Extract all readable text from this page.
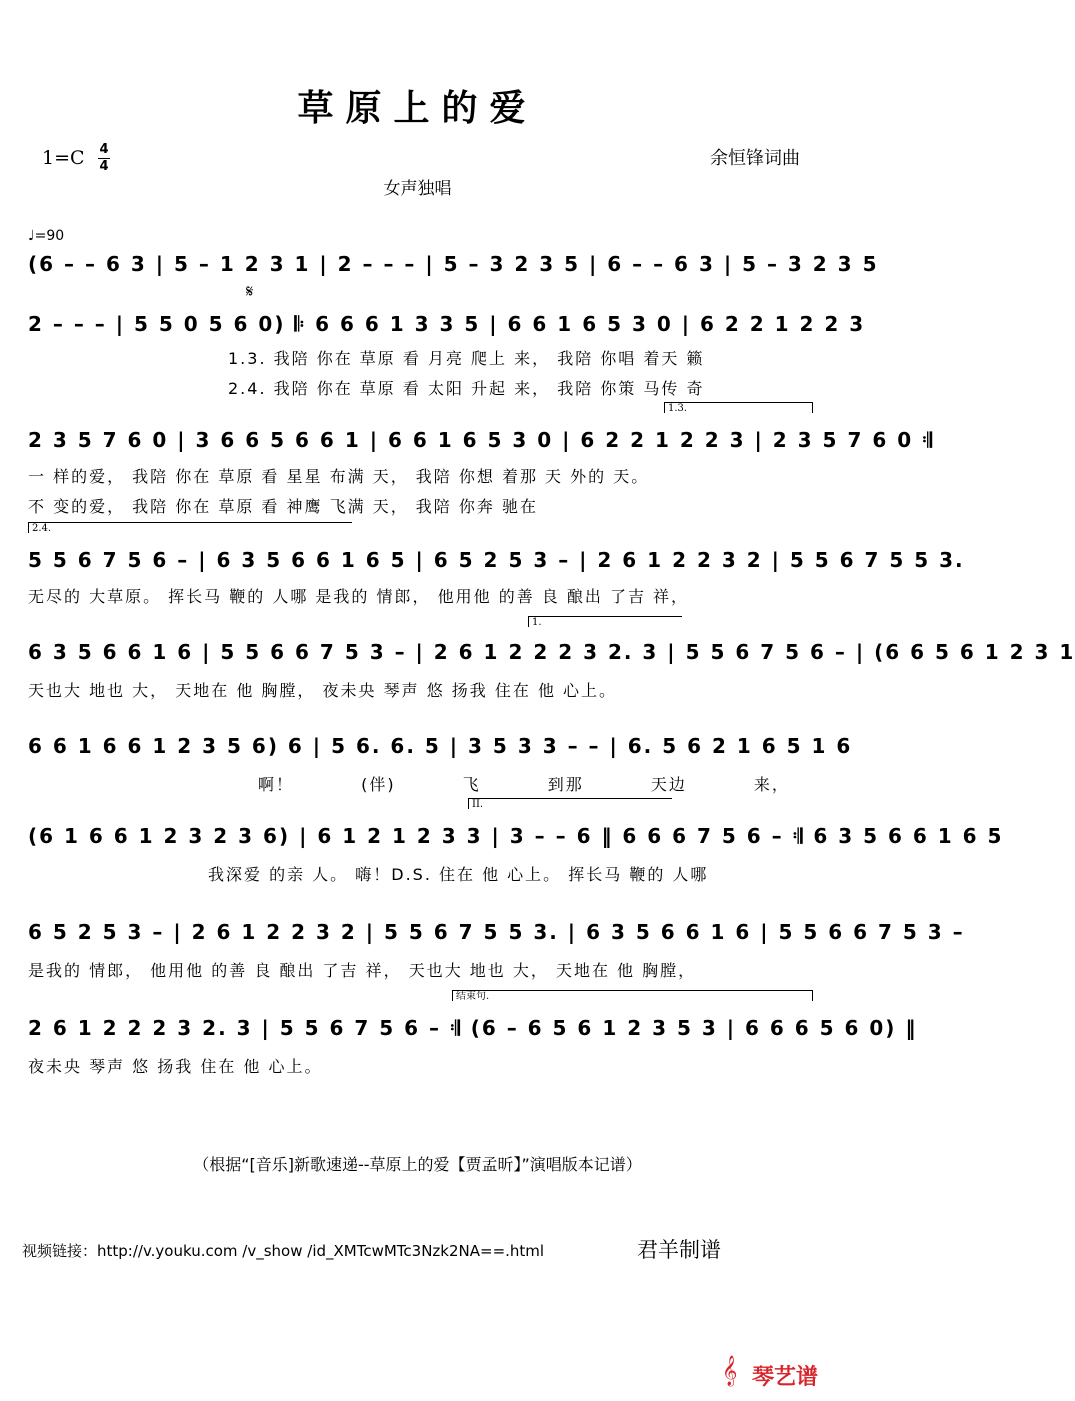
草原上的爱
1=C 4
4	余恒锋词曲
女声独唱
♩=90
𝄋
(6 – – 6 3 | 5 – 1 2 3 1 | 2 – – – | 5 – 3 2 3 5 | 6 – – 6 3 | 5 – 3 2 3 5
2 – – – | 5 5 0 5 6 0) 𝄆 6 6 6 1 3 3 5 | 6 6 1 6 5 3 0 | 6 2 2 1 2 2 3
1.3. 我陪 你在 草原 看 月亮 爬上 来， 我陪 你唱 着天 籁
2.4. 我陪 你在 草原 看 太阳 升起 来， 我陪 你策 马传 奇
1.3.
2 3 5 7 6 0 | 3 6 6 5 6 6 1 | 6 6 1 6 5 3 0 | 6 2 2 1 2 2 3 | 2 3 5 7 6 0 𝄇
一 样的爱， 我陪 你在 草原 看 星星 布满 天， 我陪 你想 着那 天 外的 天。
不 变的爱， 我陪 你在 草原 看 神鹰 飞满 天， 我陪 你奔 驰在
2.4.
5 5 6 7 5 6 – | 6 3 5 6 6 1 6 5 | 6 5 2 5 3 – | 2 6 1 2 2 3 2 | 5 5 6 7 5 5 3.
无尽的 大草原。 挥长马 鞭的 人哪 是我的 情郎， 他用他 的善 良 酿出 了吉 祥，
1.
6 3 5 6 6 1 6 | 5 5 6 6 7 5 3 – | 2 6 1 2 2 2 3 2. 3 | 5 5 6 7 5 6 – | (6 6 5 6 1 2 3 1
天也大 地也 大， 天地在 他 胸膛， 夜未央 琴声 悠 扬我 住在 他 心上。
6 6 1 6 6 1 2 3 5 6) 6 | 5 6. 6. 5 | 3 5 3 3 – – | 6. 5 6 2 1 6 5 1 6
啊！ (伴) 飞 到那 天边 来，
II.
(6 1 6 6 1 2 3 2 3 6) | 6 1 2 1 2 3 3 | 3 – – 6 ‖ 6 6 6 7 5 6 – 𝄇 6 3 5 6 6 1 6 5
我深爱 的亲 人。 嗨！D.S. 住在 他 心上。 挥长马 鞭的 人哪
6 5 2 5 3 – | 2 6 1 2 2 3 2 | 5 5 6 7 5 5 3. | 6 3 5 6 6 1 6 | 5 5 6 6 7 5 3 –
是我的 情郎， 他用他 的善 良 酿出 了吉 祥， 天也大 地也 大， 天地在 他 胸膛，
结束句.
2 6 1 2 2 2 3 2. 3 | 5 5 6 7 5 6 – 𝄇 (6 – 6 5 6 1 2 3 5 3 | 6 6 6 5 6 0) ‖
夜未央 琴声 悠 扬我 住在 他 心上。
（根据“[音乐]新歌速递--草原上的爱【贾孟昕】”演唱版本记谱）
视频链接：http://v.youku.com /v_show /id_XMTcwMTc3Nzk2NA==.html	君羊制谱
𝄞 琴艺谱
